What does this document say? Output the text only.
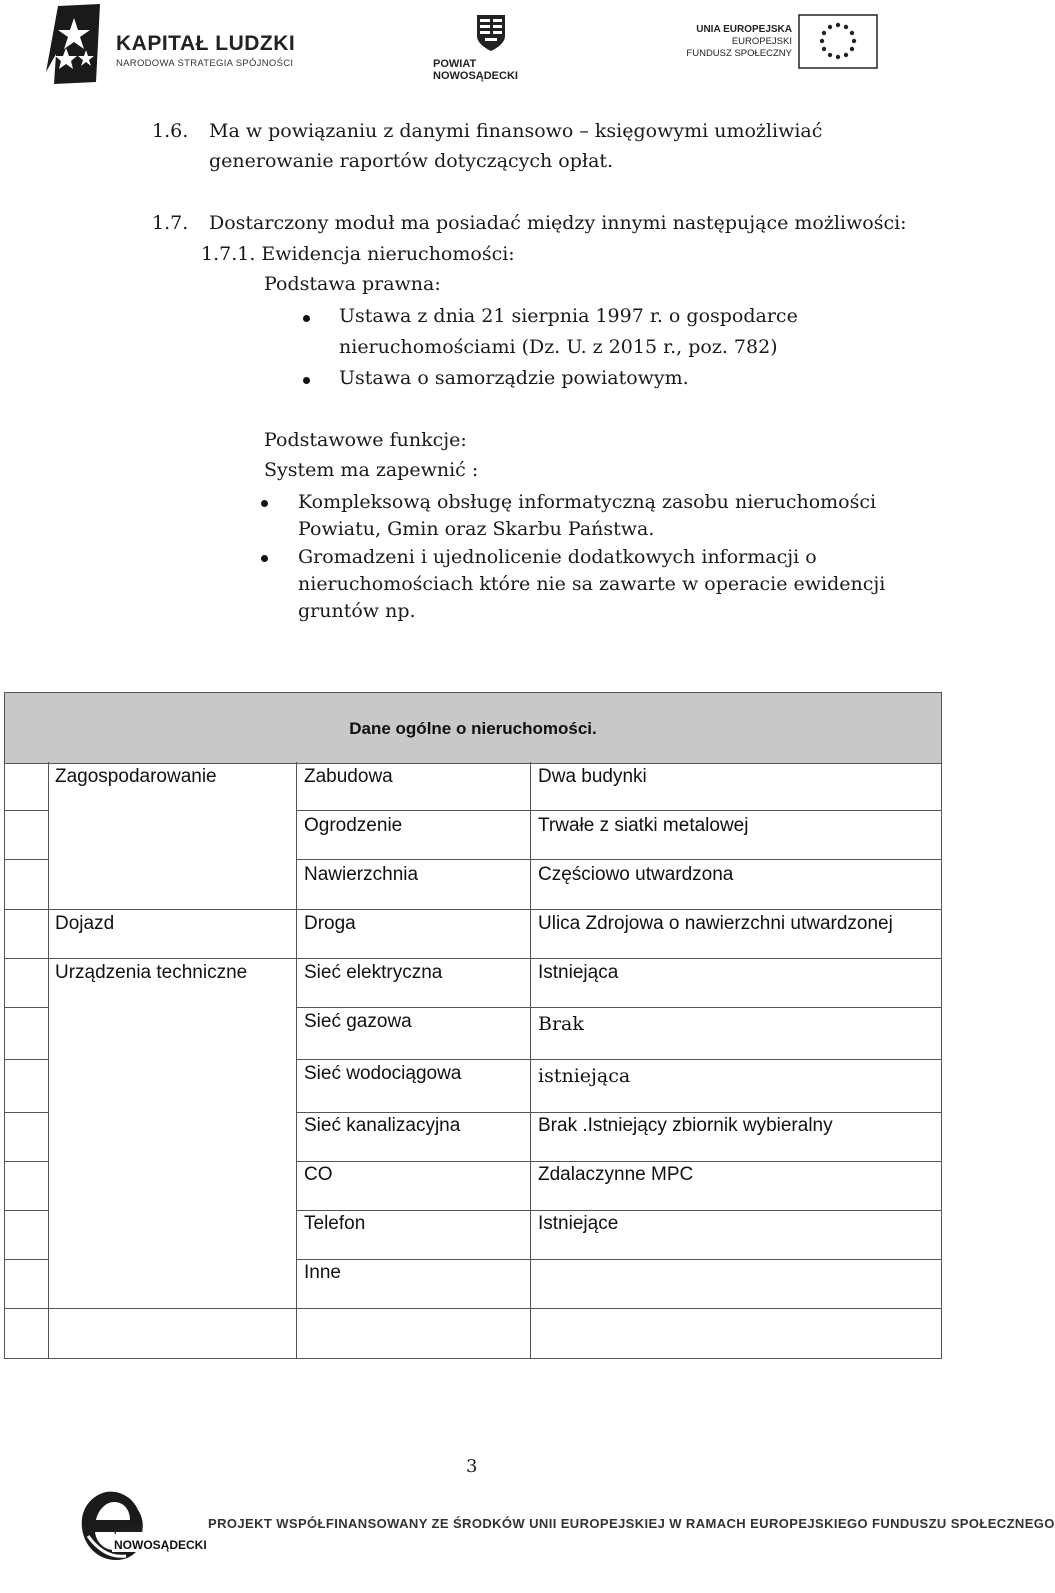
KAPITAŁ LUDZKI
NARODOWA STRATEGIA SPÓJNOŚCI	POWIAT NOWOSĄDECKI
UNIA EUROPEJSKA
EUROPEJSKI
FUNDUSZ SPOŁECZNY
1.6. Ma w powiązaniu z danymi finansowo – księgowymi umożliwiać
generowanie raportów dotyczących opłat.
1.7. Dostarczony moduł ma posiadać między innymi następujące możliwości:
1.7.1. Ewidencja nieruchomości:
Podstawa prawna:
Ustawa z dnia 21 sierpnia 1997 r. o gospodarce
nieruchomościami (Dz. U. z 2015 r., poz. 782)
Ustawa o samorządzie powiatowym.
Podstawowe funkcje:
System ma zapewnić :
Kompleksową obsługę informatyczną zasobu nieruchomości
Powiatu, Gmin oraz Skarbu Państwa.
Gromadzeni i ujednolicenie dodatkowych informacji o
nieruchomościach które nie sa zawarte w operacie ewidencji
gruntów np.
Dane ogólne o nieruchomości.
Zagospodarowanie	Zabudowa	Dwa budynki
Ogrodzenie	Trwałe z siatki metalowej
Nawierzchnia	Częściowo utwardzona
Dojazd	Droga	Ulica Zdrojowa o nawierzchni utwardzonej
Urządzenia techniczne	Sieć elektryczna	Istniejąca
Sieć gazowa	Brak
Sieć wodociągowa	istniejąca
Sieć kanalizacyjna	Brak .Istniejący zbiornik wybieralny
CO	Zdalaczynne MPC
Telefon	Istniejące
Inne
3
powiat
NOWOSĄDECKI
PROJEKT WSPÓŁFINANSOWANY ZE ŚRODKÓW UNII EUROPEJSKIEJ W RAMACH EUROPEJSKIEGO FUNDUSZU SPOŁECZNEGO
